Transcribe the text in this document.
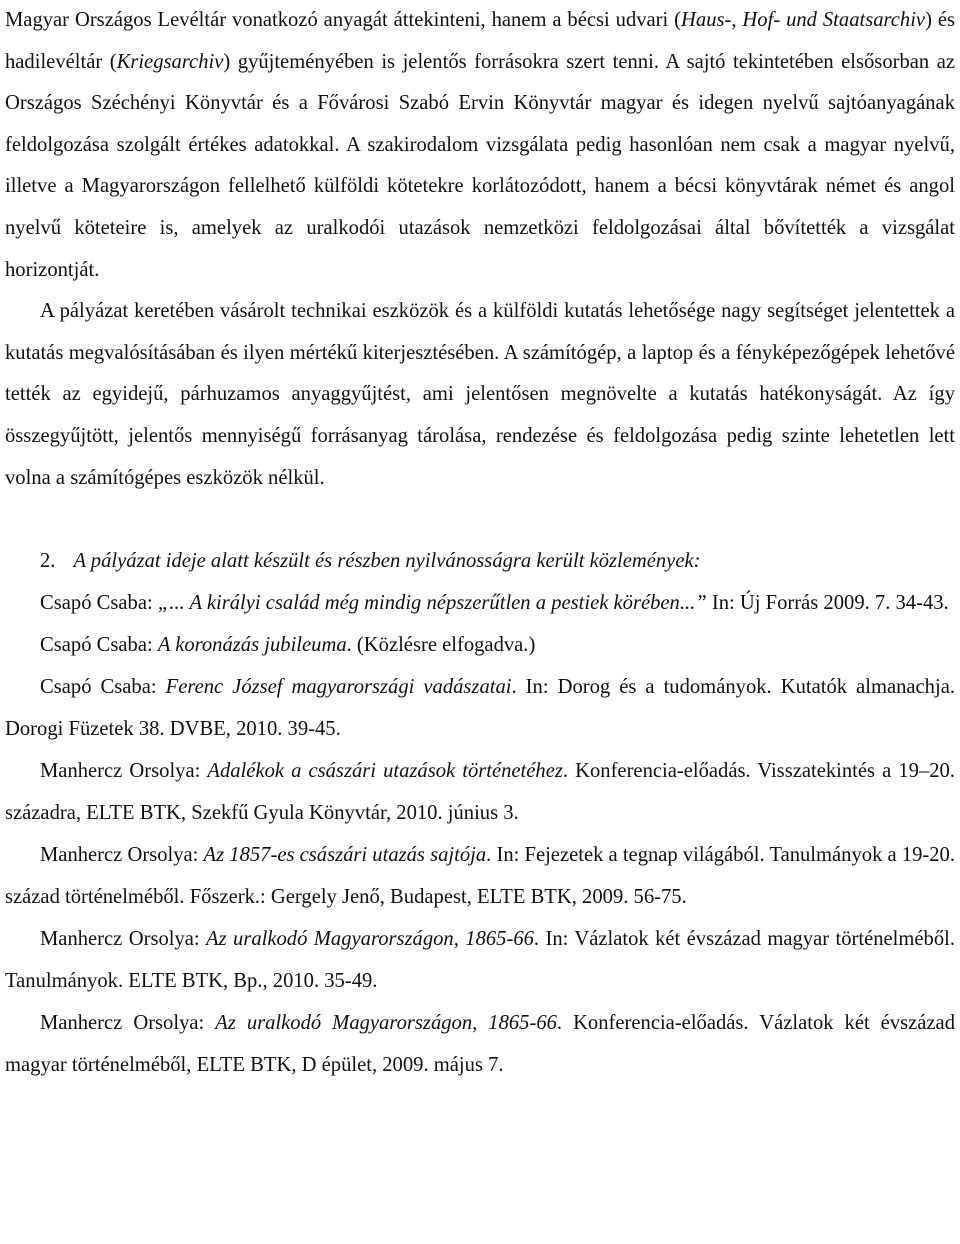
Magyar Országos Levéltár vonatkozó anyagát áttekinteni, hanem a bécsi udvari (Haus-, Hof- und Staatsarchiv) és hadilevéltár (Kriegsarchiv) gyűjteményében is jelentős forrásokra szert tenni. A sajtó tekintetében elsősorban az Országos Széchényi Könyvtár és a Fővárosi Szabó Ervin Könyvtár magyar és idegen nyelvű sajtóanyagának feldolgozása szolgált értékes adatokkal. A szakirodalom vizsgálata pedig hasonlóan nem csak a magyar nyelvű, illetve a Magyarországon fellelhető külföldi kötetekre korlátozódott, hanem a bécsi könyvtárak német és angol nyelvű köteteire is, amelyek az uralkodói utazások nemzetközi feldolgozásai által bővítették a vizsgálat horizontját.

A pályázat keretében vásárolt technikai eszközök és a külföldi kutatás lehetősége nagy segítséget jelentettek a kutatás megvalósításában és ilyen mértékű kiterjesztésében. A számítógép, a laptop és a fényképezőgépek lehetővé tették az egyidejű, párhuzamos anyaggyűjtést, ami jelentősen megnövelte a kutatás hatékonyságát. Az így összegyűjtött, jelentős mennyiségű forrásanyag tárolása, rendezése és feldolgozása pedig szinte lehetetlen lett volna a számítógépes eszközök nélkül.

2. A pályázat ideje alatt készült és részben nyilvánosságra került közlemények:

Csapó Csaba: „... A királyi család még mindig népszerűtlen a pestiek körében...” In: Új Forrás 2009. 7. 34-43.

Csapó Csaba: A koronázás jubileuma. (Közlésre elfogadva.)

Csapó Csaba: Ferenc József magyarországi vadászatai. In: Dorog és a tudományok. Kutatók almanachja. Dorogi Füzetek 38. DVBE, 2010. 39-45.

Manhercz Orsolya: Adalékok a császári utazások történetéhez. Konferencia-előadás. Visszatekintés a 19–20. századra, ELTE BTK, Szekfű Gyula Könyvtár, 2010. június 3.

Manhercz Orsolya: Az 1857-es császári utazás sajtója. In: Fejezetek a tegnap világából. Tanulmányok a 19-20. század történelméből. Főszerk.: Gergely Jenő, Budapest, ELTE BTK, 2009. 56-75.

Manhercz Orsolya: Az uralkodó Magyarországon, 1865-66. In: Vázlatok két évszázad magyar történelméből. Tanulmányok. ELTE BTK, Bp., 2010. 35-49.

Manhercz Orsolya: Az uralkodó Magyarországon, 1865-66. Konferencia-előadás. Vázlatok két évszázad magyar történelméből, ELTE BTK, D épület, 2009. május 7.
